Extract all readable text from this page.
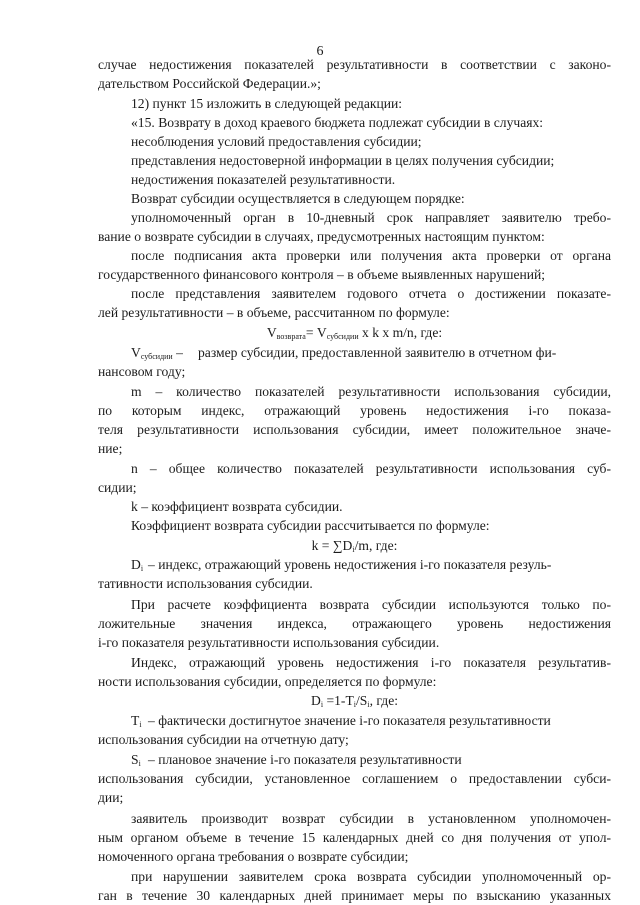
6
случае недостижения показателей результативности в соответствии с законо-
дательством Российской Федерации.»;
12) пункт 15 изложить в следующей редакции:
«15. Возврату в доход краевого бюджета подлежат субсидии в случаях:
несоблюдения условий предоставления субсидии;
представления недостоверной информации в целях получения субсидии;
недостижения показателей результативности.
Возврат субсидии осуществляется в следующем порядке:
уполномоченный орган в 10-дневный срок направляет заявителю требо-
вание о возврате субсидии в случаях, предусмотренных настоящим пунктом:
после подписания акта проверки или получения акта проверки от органа
государственного финансового контроля – в объеме выявленных нарушений;
после представления заявителем годового отчета о достижении показате-
лей результативности – в объеме, рассчитанном по формуле:
размер субсидии, предоставленной заявителю в отчетном фи-
нансовом году;
m – количество показателей результативности использования субсидии,
по которым индекс, отражающий уровень недостижения i-го показа-
теля результативности использования субсидии, имеет положительное значе-
ние;
n – общее количество показателей результативности использования суб-
сидии;
k – коэффициент возврата субсидии.
Коэффициент возврата субсидии рассчитывается по формуле:
– индекс, отражающий уровень недостижения i-го показателя резуль-
тативности использования субсидии.
При расчете коэффициента возврата субсидии используются только по-
ложительные значения индекса, отражающего уровень недостижения
i-го показателя результативности использования субсидии.
Индекс, отражающий уровень недостижения i-го показателя результатив-
ности использования субсидии, определяется по формуле:
– фактически достигнутое значение i-го показателя результативности
использования субсидии на отчетную дату;
– плановое значение i-го показателя результативности
использования субсидии, установленное соглашением о предоставлении субси-
дии;
заявитель производит возврат субсидии в установленном уполномочен-
ным органом объеме в течение 15 календарных дней со дня получения от упол-
номоченного органа требования о возврате субсидии;
при нарушении заявителем срока возврата субсидии уполномоченный ор-
ган в течение 30 календарных дней принимает меры по взысканию указанных
$V_{возврата}= V_{субсидии}$ x k x m/n, где:
$V_{субсидии}$ –
$k = \sum D_i/m$, где:
$D_i$
$D_i =1-T_i/S_i$, где:
$T_i$
$S_i$
